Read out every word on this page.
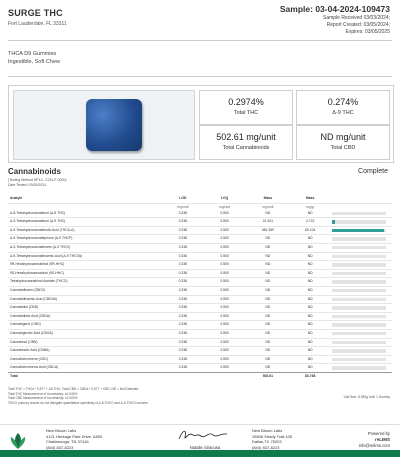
SURGE THC
Fort Lauderdale, FL 33311
Sample: 03-04-2024-109473
Sample Received 03/03/2024;
Report Created: 03/05/2024;
Expires: 03/05/2025
THCA D9 Gummies
Ingestible, Soft Chew
0.2974%
Total THC
0.274%
Δ-9 THC
502.61 mg/unit
Total Cannabinoids
ND mg/unit
Total CBD
Cannabinoids	Complete
(Testing Method HPLC, CON-P-3000)
Date Tested: 03/05/2024
Analyte	LOD	LOQ	Mass	Mass	
	mg/unit	mg/unit	mg/unit	mg/g	
Δ-8-Tetrahydrocannabinol (Δ-8 THC)	0.336	0.500	ND	ND	

Δ-9-Tetrahydrocannabinol (Δ-9 THC)	0.336	0.500	21.341	4.722	

Δ-9-Tetrahydrocannabinolic Acid (THCA-A)	0.336	0.500	481.269	80.104	

Δ-9-Tetrahydrocannabiphorol (Δ-9 THCP)	0.336	0.500	ND	ND	

Δ-9-Tetrahydrocannabivarin (Δ-9 THCV)	0.336	0.500	ND	ND	

Δ-9-Tetrahydrocannabivarinic Acid (Δ-9 THCVA)	0.336	0.500	ND	ND	

9R-Hexahydrocannabinol (9R-HHC)	0.336	0.500	ND	ND	

9S-Hexahydrocannabinol (9S-HHC)	0.336	0.500	ND	ND	

Tetrahydrocannabinol Acetate (THCO)	0.336	0.500	ND	ND	

Cannabidivarin (CBDV)	0.336	0.500	ND	ND	

Cannabidivarinic Acid (CBDVA)	0.336	0.500	ND	ND	

Cannabidiol (CBD)	0.336	0.500	ND	ND	

Cannabidiolic Acid (CBDA)	0.336	0.500	ND	ND	

Cannabigerol (CBG)	0.336	0.500	ND	ND	

Cannabigerolic Acid (CBGA)	0.336	0.500	ND	ND	

Cannabinol (CBN)	0.336	0.500	ND	ND	

Cannabinolic Acid (CBNA)	0.336	0.500	ND	ND	

Cannabichromene (CBC)	0.336	0.500	ND	ND	

Cannabichromenic Acid (CBCA)	0.336	0.500	ND	ND	

Total			502.61	83.768	
Total THC = THCa * 0.877 + Δ9-THC; Total CBD = CBDa * 0.877 + CBD; ND = Not Detected
Total THC Measurement of Uncertainty: ±0.040%
Total CBD Measurement of Uncertainty: ±0.000%
THCO potency results do not delegate quantitative specificity of Δ-8-THCO and Δ-9-THCO isomers
Unit Size: 8.535g Unit: 1 Gummy
New Bloom Labs
4121 Heritage Park Drive, A500
Chattanooga, TN 37416
(844) 837-8223	Natalie Siracusa
New Bloom Labs
15606 Shady Trail,105
Dallas,TX 75203
(844) 837-8223
Powered by
reLIMS
info@relims.com
